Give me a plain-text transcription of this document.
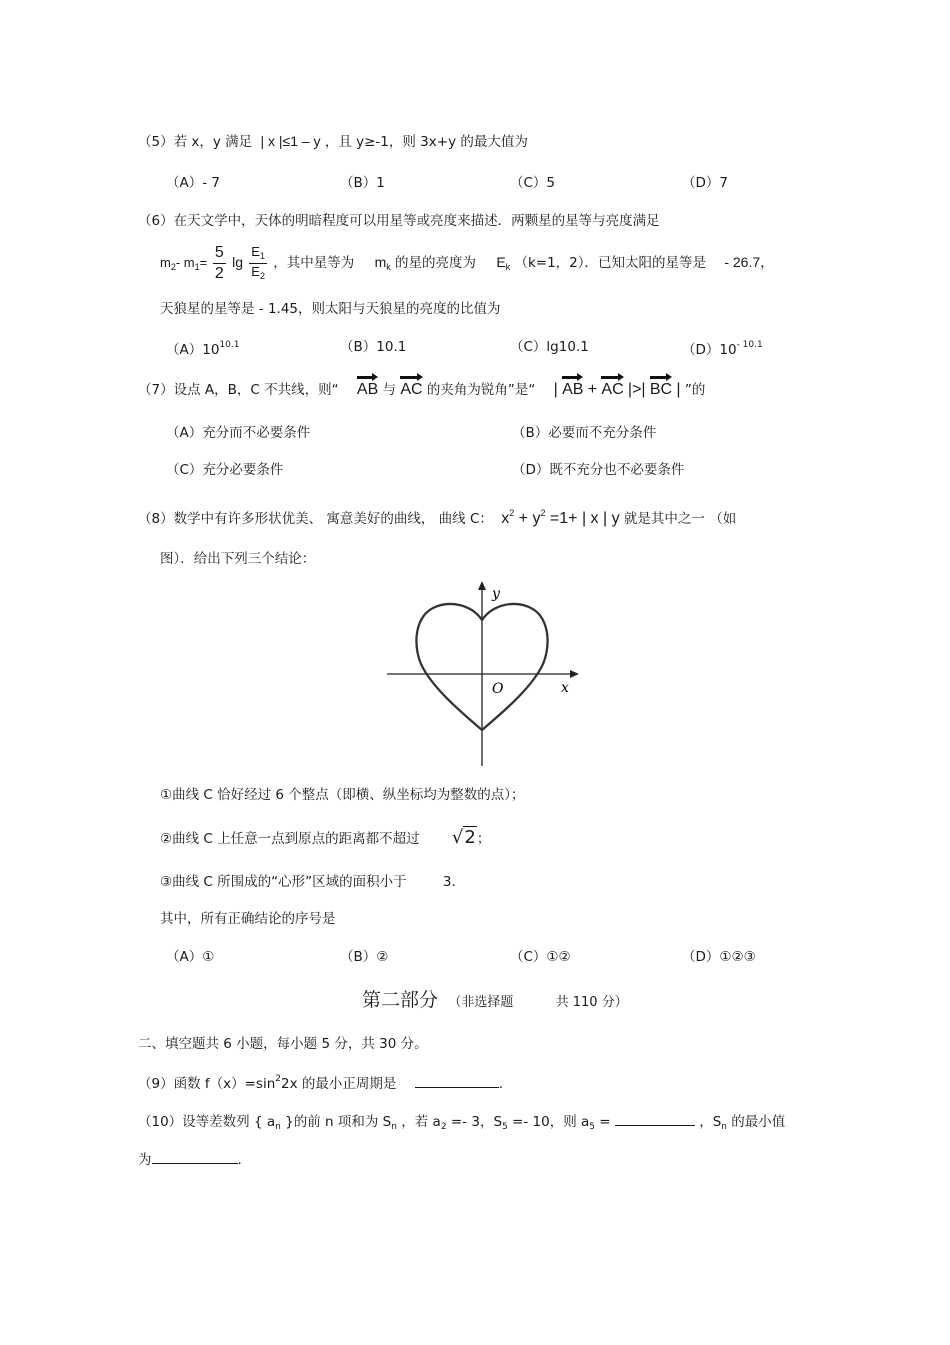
（5）若 x，y 满足 | x |≤1 – y ，且 y≥-1，则 3x+y 的最大值为
（A）- 7	（B）1	（C）5	（D）7
（6）在天文学中，天体的明暗程度可以用星等或亮度来描述．两颗星的星等与亮度满足
$m_2-$ $m_1= \frac{5}{2}$ $\lg \frac{E_1}{E_2}$ ，其中星等为 $m_k$ 的星的亮度为 $E_k$ （k=1，2）．已知太阳的星等是 - 26.7，
天狼星的星等是 - 1.45，则太阳与天狼星的亮度的比值为
$(A)10^{10.1}$	（B）10.1	（C）lg10.1	$(D)10^{- 10.1}$
（7）设点 A，B，C 不共线，则“ AB 与 AC 的夹角为锐角”是“ | AB + AC |>| BC | ”的
（A）充分而不必要条件	（B）必要而不充分条件
（C）充分必要条件	（D）既不充分也不必要条件
（8）数学中有许多形状优美、 寓意美好的曲线， 曲线 C： $x^2 + y^2 =1+$ | x | y 就是其中之一 （如
图）．给出下列三个结论：
y
x
O
①曲线 C 恰好经过 6 个整点（即横、纵坐标均为整数的点）；
②曲线 C 上任意一点到原点的距离都不超过 √2；
③曲线 C 所围成的“心形”区域的面积小于	3.
其中，所有正确结论的序号是
（A）①	（B）②	（C）①②	（D）①②③
第二部分 （非选择题	共 110 分）
二、填空题共 6 小题，每小题 5 分，共 30 分。
（9）函数 $f(x)=\sin^22x$ 的最小正周期是	.
（10）设等差数列 { $a_n$ }的前 n 项和为 $S_n$ ，若 $a_2 =- 3$，$S_5 =- 10$，则 $a_5$ =	，$S_n$ 的最小值
为	.
